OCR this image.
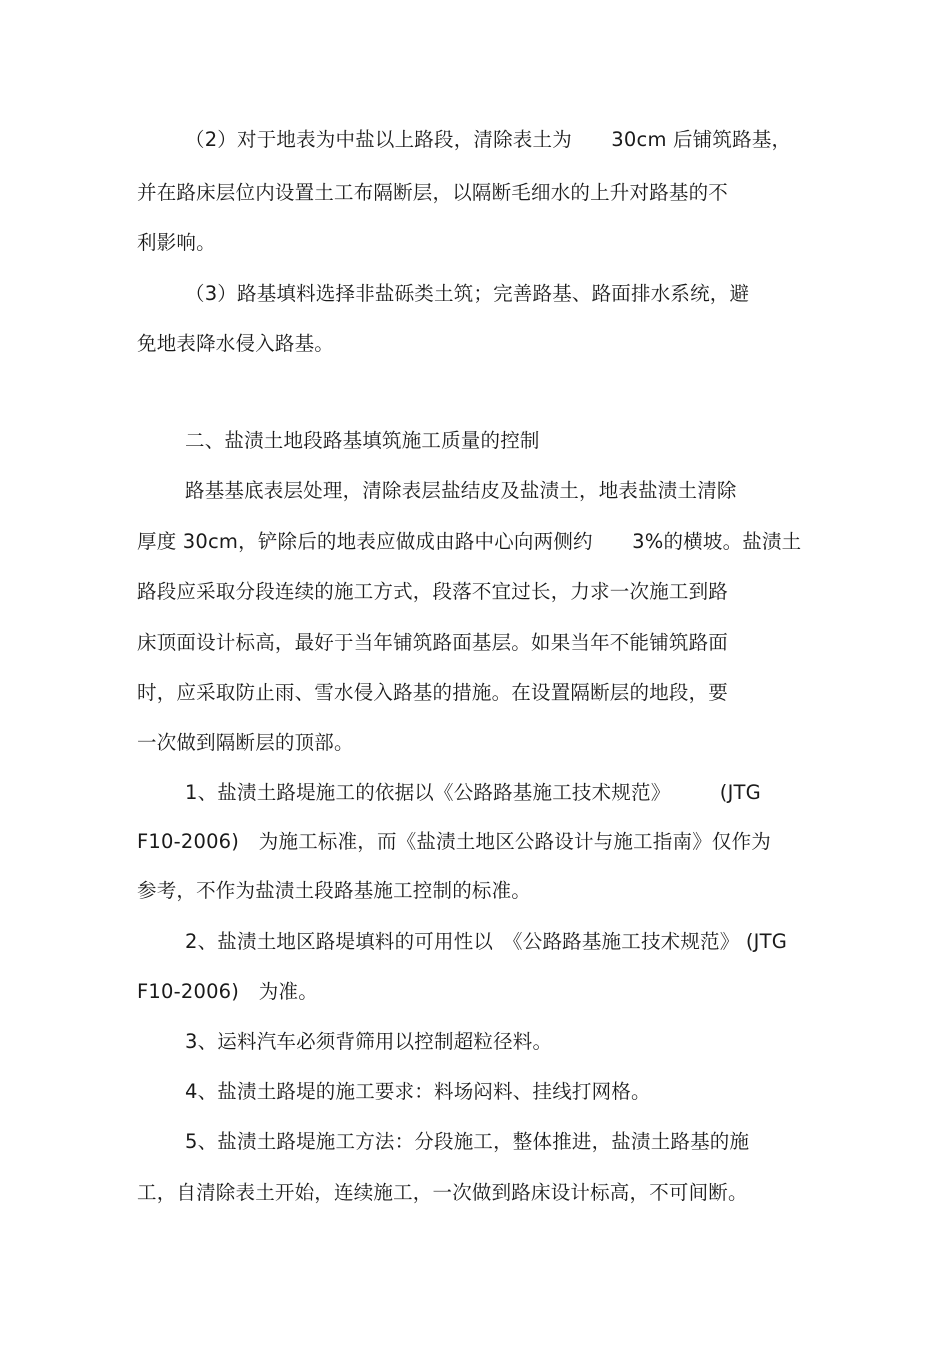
（2）对于地表为中盐以上路段，清除表土为　　30cm 后铺筑路基，
并在路床层位内设置土工布隔断层，以隔断毛细水的上升对路基的不
利影响。
（3）路基填料选择非盐砾类土筑；完善路基、路面排水系统，避
免地表降水侵入路基。
二、盐渍土地段路基填筑施工质量的控制
路基基底表层处理，清除表层盐结皮及盐渍土，地表盐渍土清除
厚度 30cm，铲除后的地表应做成由路中心向两侧约　　3%的横坡。盐渍土
路段应采取分段连续的施工方式，段落不宜过长，力求一次施工到路
床顶面设计标高，最好于当年铺筑路面基层。如果当年不能铺筑路面
时，应采取防止雨、雪水侵入路基的措施。在设置隔断层的地段，要
一次做到隔断层的顶部。
1、盐渍土路堤施工的依据以《公路路基施工技术规范》　　　(JTG
F10-2006)　为施工标准，而《盐渍土地区公路设计与施工指南》仅作为
参考，不作为盐渍土段路基施工控制的标准。
2、盐渍土地区路堤填料的可用性以　《公路路基施工技术规范》 (JTG
F10-2006)　为准。
3、运料汽车必须背筛用以控制超粒径料。
4、盐渍土路堤的施工要求：料场闷料、挂线打网格。
5、盐渍土路堤施工方法：分段施工，整体推进，盐渍土路基的施
工，自清除表土开始，连续施工，一次做到路床设计标高，不可间断。
